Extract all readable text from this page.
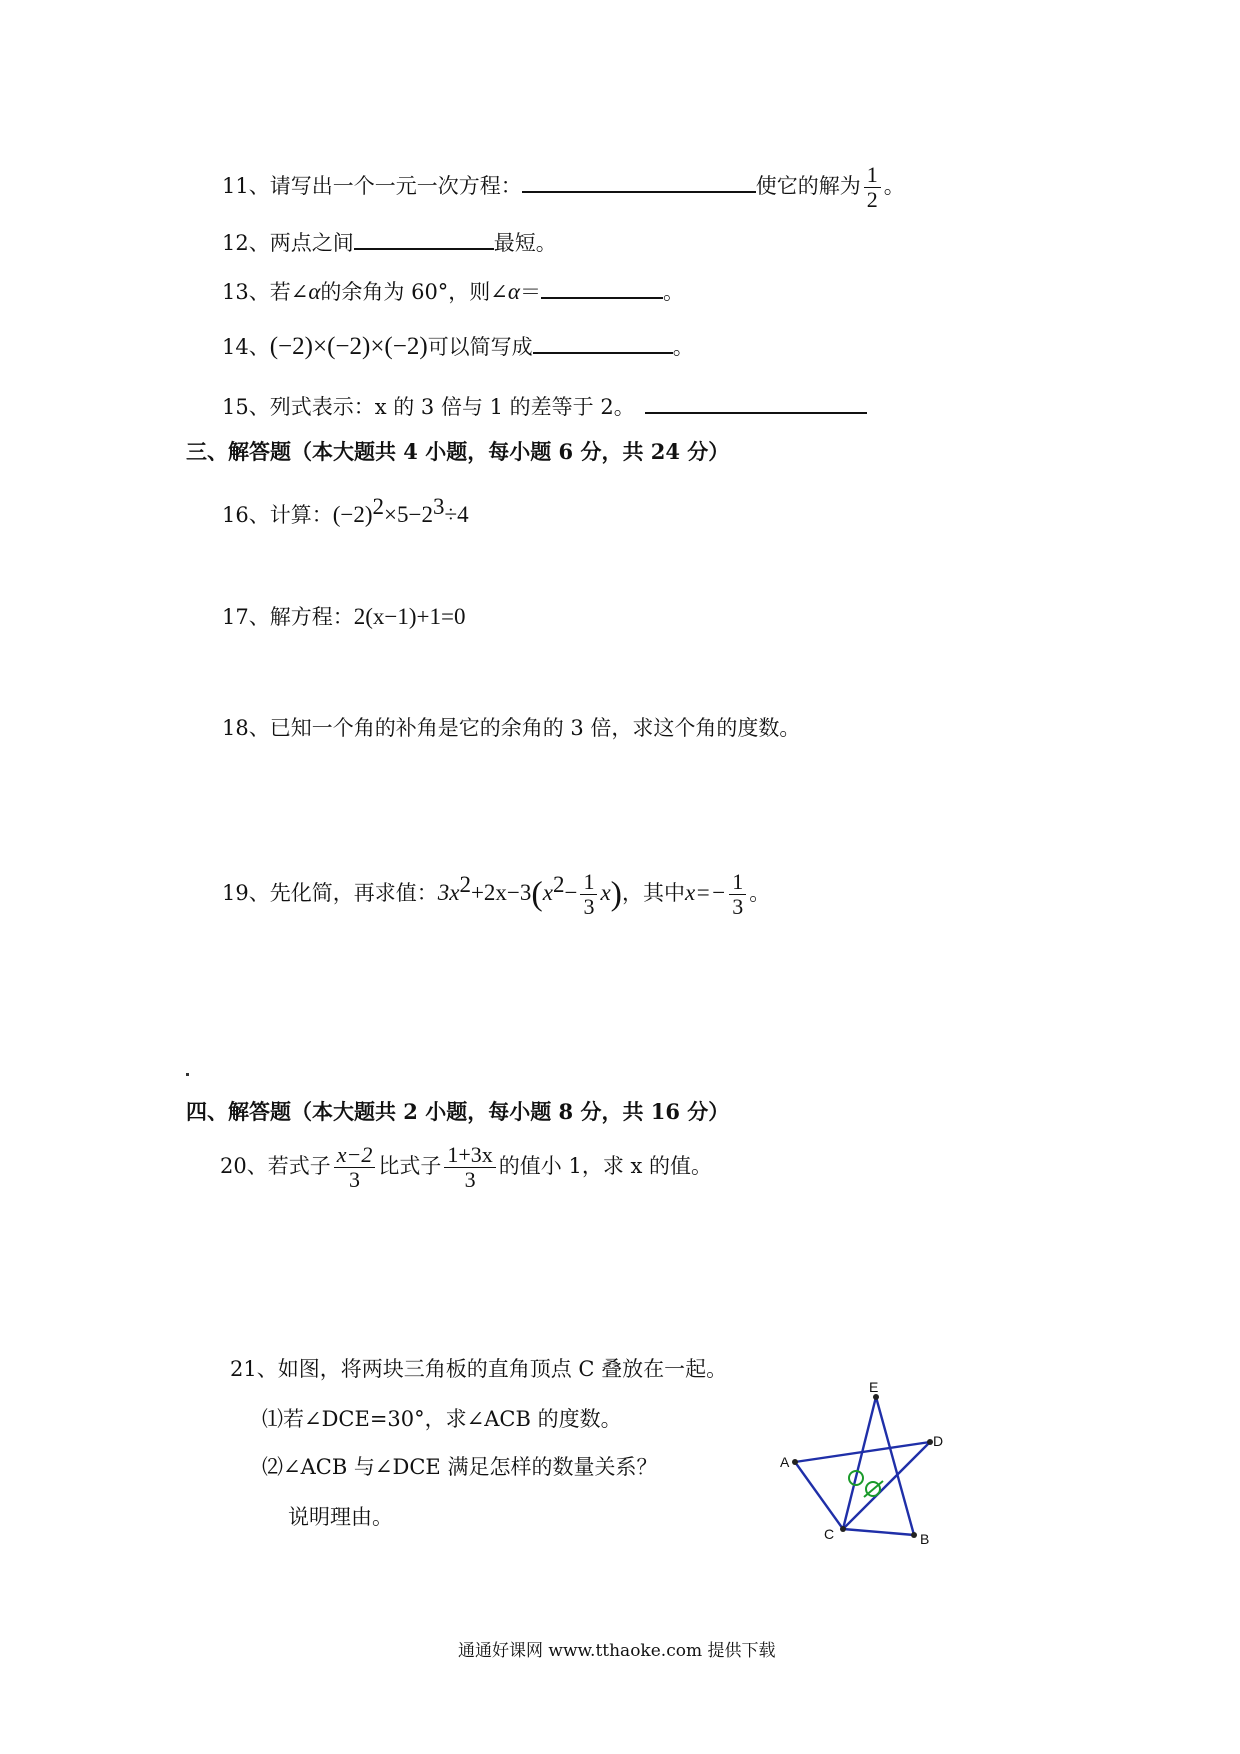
11、请写出一个一元一次方程：	使它的解为 $\frac{1}{2}$ 。
12、两点之间	最短。
13、若∠α的余角为 60°，则∠α＝	。
14、(−2)×(−2)×(−2)可以简写成	。
15、列式表示：x 的 3 倍与 1 的差等于 2。
三、解答题（本大题共 4 小题，每小题 6 分，共 24 分）
16、计算：$(-2)^2\times 5-2^3\div 4$
17、解方程：2(x−1)+1=0
18、已知一个角的补角是它的余角的 3 倍，求这个角的度数。
19、先化简，再求值：$3x^2+2x-3(x^2- \frac{1}{3} x)$，其中$x=- \frac{1}{3}$ 。
四、解答题（本大题共 2 小题，每小题 8 分，共 16 分）
20、若式子 $\frac{x-2}{3}$ 比式子 $\frac{1+3x}{3}$ 的值小 1，求 x 的值。
21、如图，将两块三角板的直角顶点 C 叠放在一起。
⑴若∠DCE=30°，求∠ACB 的度数。
⑵∠ACB 与∠DCE 满足怎样的数量关系？
说明理由。
A
B
C
D
E
通通好课网 www.tthaoke.com 提供下载
